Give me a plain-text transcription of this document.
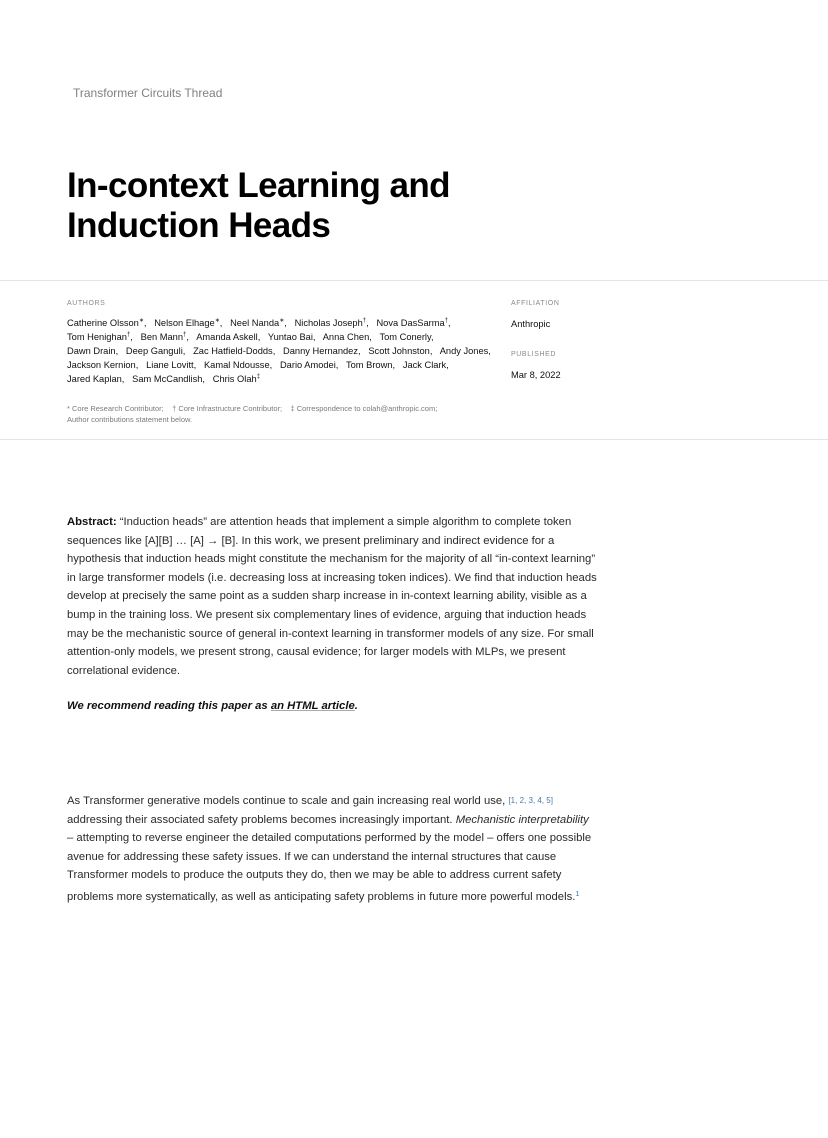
Transformer Circuits Thread
In-context Learning and Induction Heads
AUTHORS
Catherine Olsson∗, Nelson Elhage∗, Neel Nanda∗, Nicholas Joseph†, Nova DasSarma†,   Tom Henighan†, Ben Mann†, Amanda Askell, Yuntao Bai, Anna Chen, Tom Conerly,   Dawn Drain, Deep Ganguli, Zac Hatfield-Dodds, Danny Hernandez, Scott Johnston, Andy Jones,   Jackson Kernion, Liane Lovitt, Kamal Ndousse, Dario Amodei, Tom Brown, Jack Clark,   Jared Kaplan, Sam McCandlish, Chris Olah‡
AFFILIATION
Anthropic
PUBLISHED
Mar 8, 2022
* Core Research Contributor; † Core Infrastructure Contributor; ‡ Correspondence to colah@anthropic.com;
Author contributions statement below.

Abstract: “Induction heads” are attention heads that implement a simple algorithm to complete token sequences like [A][B] … [A] → [B]. In this work, we present preliminary and indirect evidence for a hypothesis that induction heads might constitute the mechanism for the majority of all “in-context learning” in large transformer models (i.e. decreasing loss at increasing token indices). We find that induction heads develop at precisely the same point as a sudden sharp increase in in-context learning ability, visible as a bump in the training loss. We present six complementary lines of evidence, arguing that induction heads may be the mechanistic source of general in-context learning in transformer models of any size. For small attention-only models, we present strong, causal evidence; for larger models with MLPs, we present correlational evidence.

We recommend reading this paper as an HTML article.

As Transformer generative models continue to scale and gain increasing real world use, [1, 2, 3, 4, 5] addressing their associated safety problems becomes increasingly important. Mechanistic interpretability – attempting to reverse engineer the detailed computations performed by the model – offers one possible avenue for addressing these safety issues. If we can understand the internal structures that cause Transformer models to produce the outputs they do, then we may be able to address current safety problems more systematically, as well as anticipating safety problems in future more powerful models.$^1$
